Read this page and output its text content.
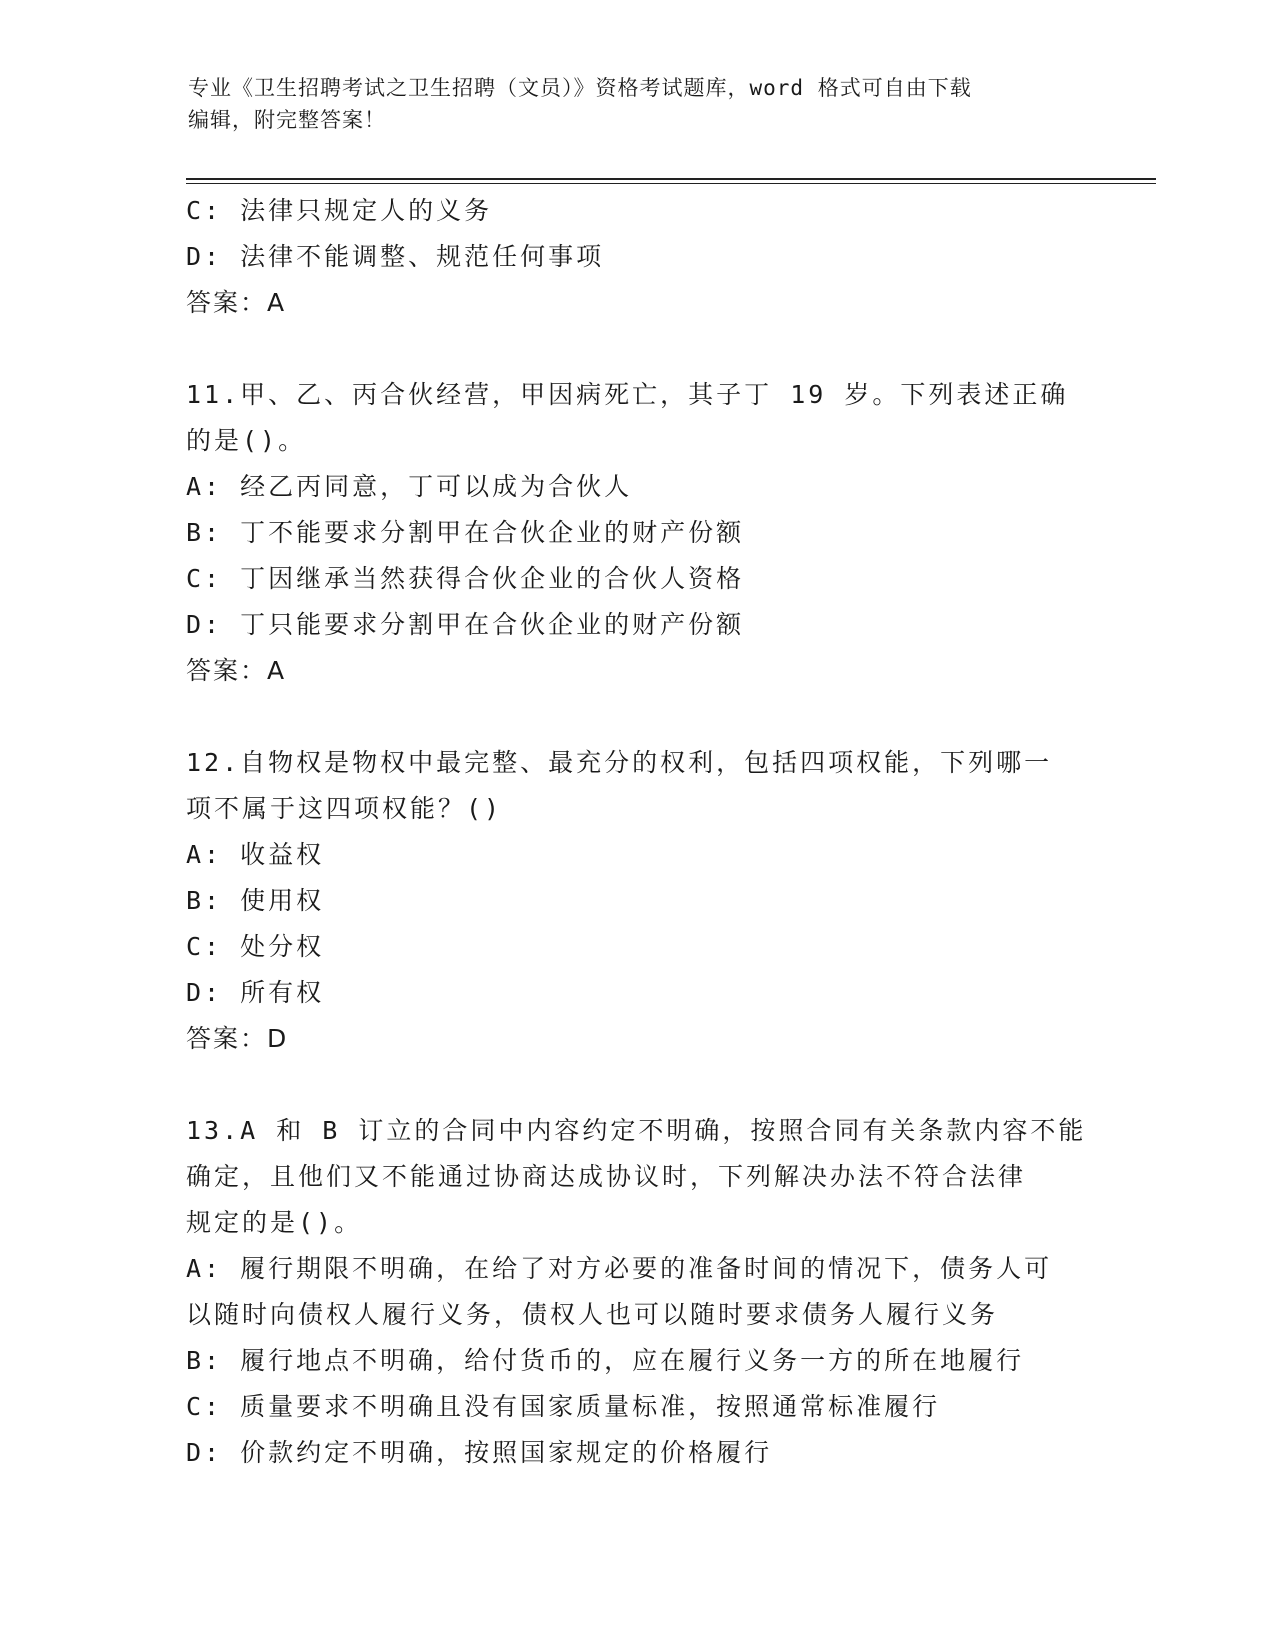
专业《卫生招聘考试之卫生招聘（文员）》资格考试题库，word 格式可自由下载
编辑，附完整答案！
C: 法律只规定人的义务
D: 法律不能调整、规范任何事项
答案：A
11.甲、乙、丙合伙经营，甲因病死亡，其子丁 19 岁。下列表述正确
的是()。
A: 经乙丙同意，丁可以成为合伙人
B: 丁不能要求分割甲在合伙企业的财产份额
C: 丁因继承当然获得合伙企业的合伙人资格
D: 丁只能要求分割甲在合伙企业的财产份额
答案：A
12.自物权是物权中最完整、最充分的权利，包括四项权能，下列哪一
项不属于这四项权能？()
A: 收益权
B: 使用权
C: 处分权
D: 所有权
答案：D
13.A 和 B 订立的合同中内容约定不明确，按照合同有关条款内容不能
确定，且他们又不能通过协商达成协议时，下列解决办法不符合法律
规定的是()。
A: 履行期限不明确，在给了对方必要的准备时间的情况下，债务人可
以随时向债权人履行义务，债权人也可以随时要求债务人履行义务
B: 履行地点不明确，给付货币的，应在履行义务一方的所在地履行
C: 质量要求不明确且没有国家质量标准，按照通常标准履行
D: 价款约定不明确，按照国家规定的价格履行
